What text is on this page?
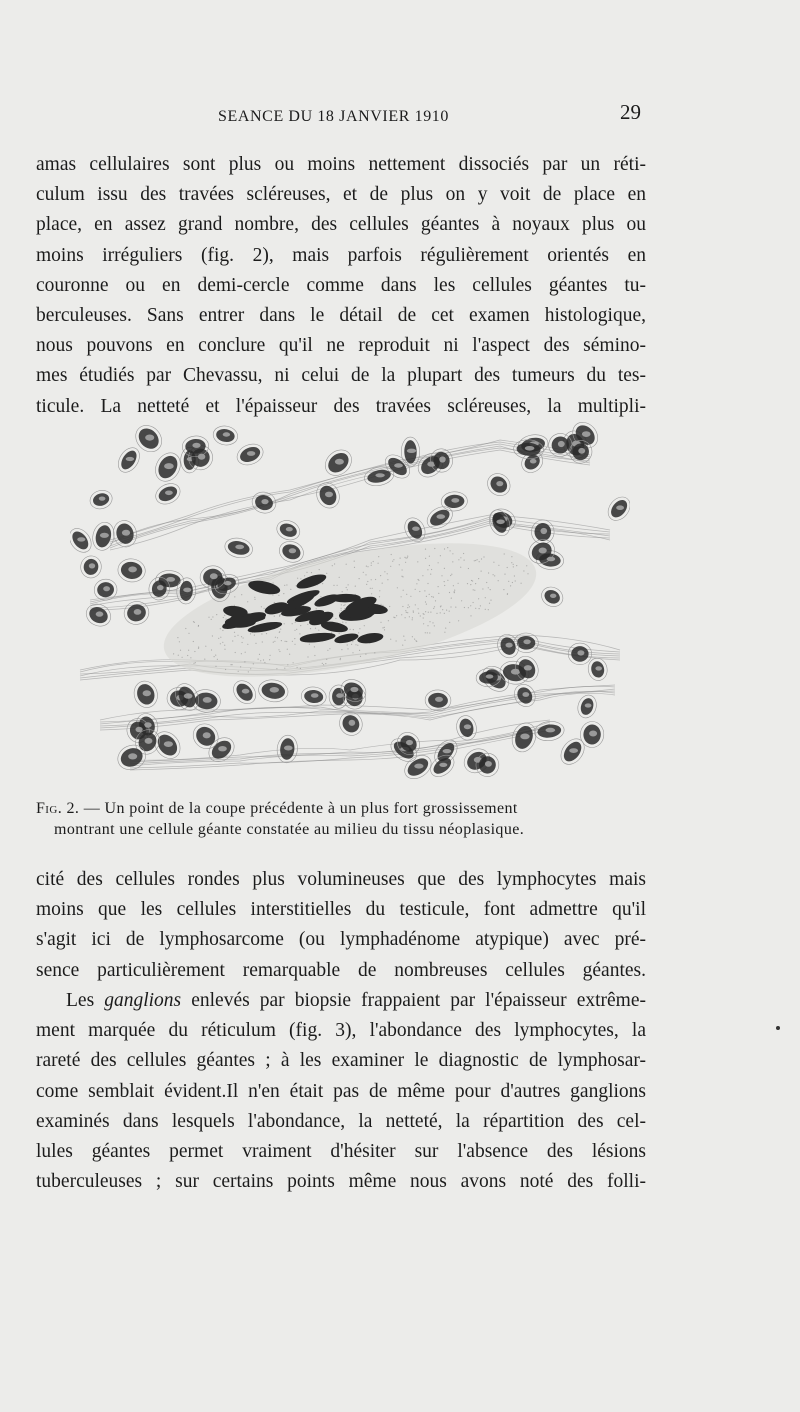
SEANCE DU 18 JANVIER 1910	29
amas cellulaires sont plus ou moins nettement dissociés par un réti-
culum issu des travées scléreuses, et de plus on y voit de place en
place, en assez grand nombre, des cellules géantes à noyaux plus ou
moins irréguliers (fig. 2), mais parfois régulièrement orientés en
couronne ou en demi-cercle comme dans les cellules géantes tu-
berculeuses. Sans entrer dans le détail de cet examen histologique,
nous pouvons en conclure qu'il ne reproduit ni l'aspect des sémino-
mes étudiés par Chevassu, ni celui de la plupart des tumeurs du tes-
ticule. La netteté et l'épaisseur des travées scléreuses, la multipli-
Fig. 2. — Un point de la coupe précédente à un plus fort grossissement
montrant une cellule géante constatée au milieu du tissu néoplasique.
cité des cellules rondes plus volumineuses que des lymphocytes mais
moins que les cellules interstitielles du testicule, font admettre qu'il
s'agit ici de lymphosarcome (ou lymphadénome atypique) avec pré-
sence particulièrement remarquable de nombreuses cellules géantes.
Les ganglions enlevés par biopsie frappaient par l'épaisseur extrême-
ment marquée du réticulum (fig. 3), l'abondance des lymphocytes, la
rareté des cellules géantes ; à les examiner le diagnostic de lymphosar-
come semblait évident.Il n'en était pas de même pour d'autres ganglions
examinés dans lesquels l'abondance, la netteté, la répartition des cel-
lules géantes permet vraiment d'hésiter sur l'absence des lésions
tuberculeuses ; sur certains points même nous avons noté des folli-
